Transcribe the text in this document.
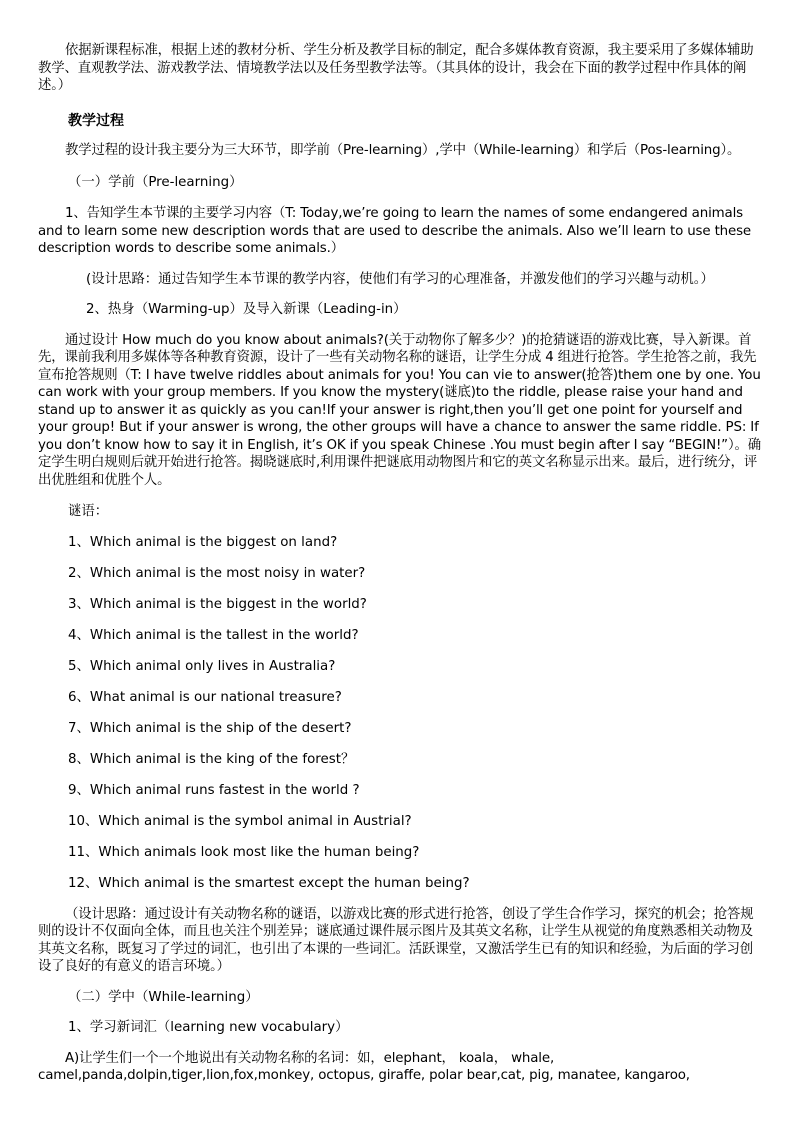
依据新课程标准，根据上述的教材分析、学生分析及教学目标的制定，配合多媒体教育资源，我主要采用了多媒体辅助教学、直观教学法、游戏教学法、情境教学法以及任务型教学法等。（其具体的设计，我会在下面的教学过程中作具体的阐述。）

教学过程

教学过程的设计我主要分为三大环节，即学前（Pre-learning）,学中（While-learning）和学后（Pos-learning）。

（一）学前（Pre-learning）

1、告知学生本节课的主要学习内容（T: Today,we’re going to learn the names of some endangered animals and to learn some new description words that are used to describe the animals. Also we’ll learn to use these description words to describe some animals.）

(设计思路：通过告知学生本节课的教学内容，使他们有学习的心理准备，并激发他们的学习兴趣与动机。）

2、热身（Warming-up）及导入新课（Leading-in）

通过设计 How much do you know about animals?(关于动物你了解多少？)的抢猜谜语的游戏比赛，导入新课。首先，课前我利用多媒体等各种教育资源，设计了一些有关动物名称的谜语，让学生分成 4 组进行抢答。学生抢答之前，我先宣布抢答规则（T: I have twelve riddles about animals for you! You can vie to answer(抢答)them one by one. You can work with your group members. If you know the mystery(谜底)to the riddle, please raise your hand and stand up to answer it as quickly as you can!If your answer is right,then you’ll get one point for yourself and your group! But if your answer is wrong, the other groups will have a chance to answer the same riddle. PS: If you don’t know how to say it in English, it’s OK if you speak Chinese .You must begin after I say “BEGIN!”）。确定学生明白规则后就开始进行抢答。揭晓谜底时,利用课件把谜底用动物图片和它的英文名称显示出来。最后，进行统分，评出优胜组和优胜个人。

谜语：

1、Which animal is the biggest on land?

2、Which animal is the most noisy in water?

3、Which animal is the biggest in the world?

4、Which animal is the tallest in the world?

5、Which animal only lives in Australia?

6、What animal is our national treasure?

7、Which animal is the ship of the desert?

8、Which animal is the king of the forest？

9、Which animal runs fastest in the world ?

10、Which animal is the symbol animal in Austrial?

11、Which animals look most like the human being?

12、Which animal is the smartest except the human being?

（设计思路：通过设计有关动物名称的谜语，以游戏比赛的形式进行抢答，创设了学生合作学习，探究的机会；抢答规则的设计不仅面向全体，而且也关注个别差异；谜底通过课件展示图片及其英文名称，让学生从视觉的角度熟悉相关动物及其英文名称，既复习了学过的词汇，也引出了本课的一些词汇。活跃课堂，又激活学生已有的知识和经验，为后面的学习创设了良好的有意义的语言环境。）

（二）学中（While-learning）

1、学习新词汇（learning new vocabulary）

A)让学生们一个一个地说出有关动物名称的名词：如，elephant， koala， whale, camel,panda,dolpin,tiger,lion,fox,monkey, octopus, giraffe, polar bear,cat, pig, manatee, kangaroo,
